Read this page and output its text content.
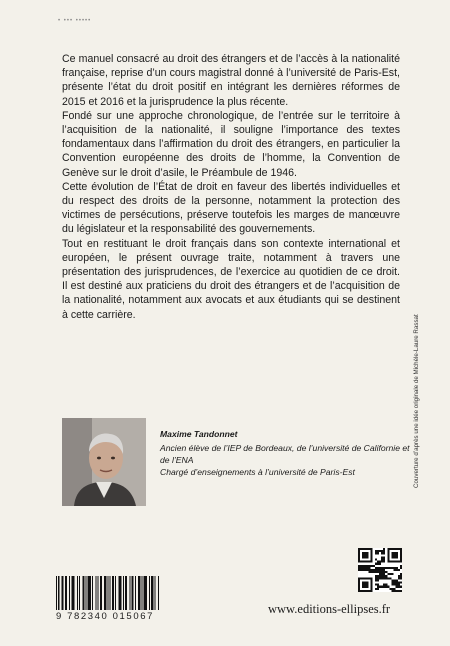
• ••• •••••

Ce manuel consacré au droit des étrangers et de l’accès à la nationalité française, reprise d’un cours magistral donné à l’université de Paris-Est, présente l’état du droit positif en intégrant les dernières réformes de 2015 et 2016 et la jurisprudence la plus récente.

Fondé sur une approche chronologique, de l’entrée sur le territoire à l’acquisition de la nationalité, il souligne l’importance des textes fondamentaux dans l’affirmation du droit des étrangers, en particulier la Convention européenne des droits de l’homme, la Convention de Genève sur le droit d’asile, le Préambule de 1946.

Cette évolution de l’État de droit en faveur des libertés individuelles et du respect des droits de la personne, notamment la protection des victimes de persécutions, préserve toutefois les marges de manœuvre du législateur et la responsabilité des gouvernements.

Tout en restituant le droit français dans son contexte international et européen, le présent ouvrage traite, notamment à travers une présentation des jurisprudences, de l’exercice au quotidien de ce droit. Il est destiné aux praticiens du droit des étrangers et de l’acquisition de la nationalité, notamment aux avocats et aux étudiants qui se destinent à cette carrière.	Couverture d’après une idée originale de Michèle-Laure Rassat
Maxime Tandonnet
Ancien élève de l’IEP de Bordeaux, de l’université de Californie et de l’ENA
Chargé d’enseignements à l’université de Paris-Est
9 782340 015067
www.editions-ellipses.fr
